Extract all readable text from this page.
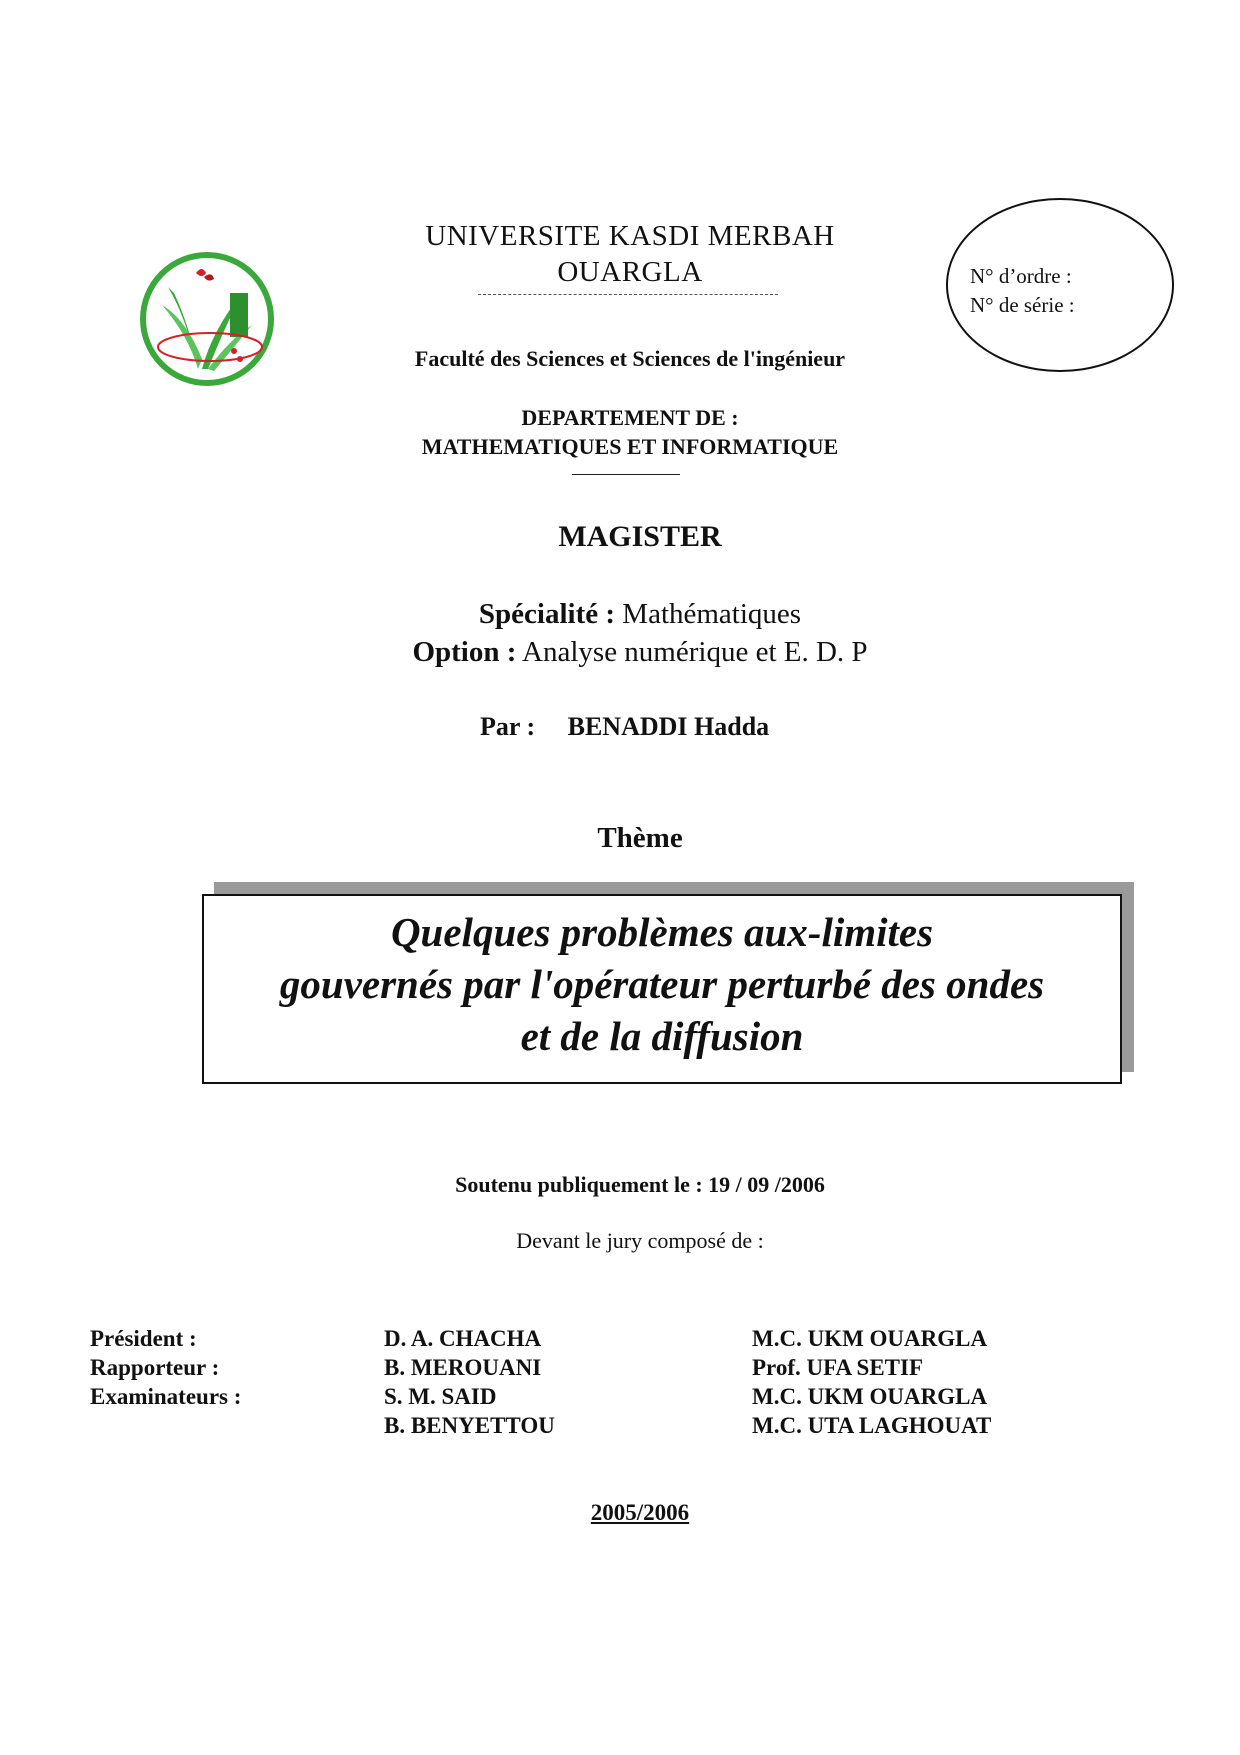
UNIVERSITE KASDI MERBAH
OUARGLA
Faculté des Sciences et Sciences de l'ingénieur
DEPARTEMENT DE :
MATHEMATIQUES ET INFORMATIQUE
N° d’ordre :
N° de série :
MAGISTER
Spécialité : Mathématiques
Option : Analyse numérique et E. D. P
Par : BENADDI Hadda
Thème
Quelques problèmes aux-limites
gouvernés par l'opérateur perturbé des ondes
et de la diffusion
Soutenu publiquement le : 19 / 09 /2006
Devant le jury composé de :
Président :
Rapporteur :
Examinateurs :

D. A. CHACHA
B. MEROUANI
S. M. SAID
B. BENYETTOU
M.C. UKM OUARGLA
Prof. UFA SETIF
M.C. UKM OUARGLA
M.C. UTA LAGHOUAT
2005/2006
